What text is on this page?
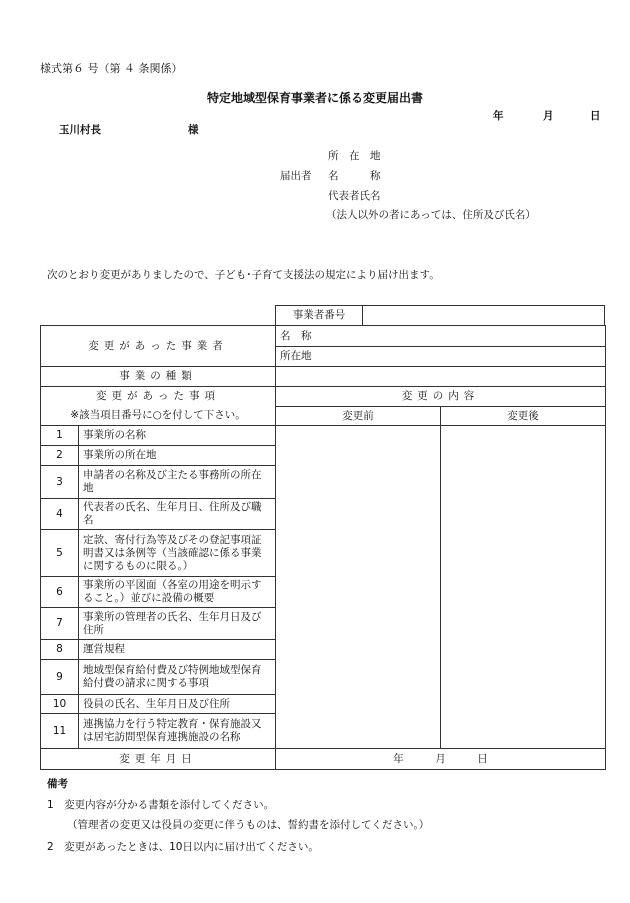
様式第６ 号（第 ４ 条関係）
特定地域型保育事業者に係る変更届出書
年	月	日
玉川村長	様
所　在　地
届出者 名　　　称
代表者氏名
（法人以外の者にあっては、住所及び氏名）
次のとおり変更がありましたので、子ども･子育て支援法の規定により届け出ます。
事業者番号
変更があった事業者		名　称	
		所在地	
事業の種類			
変更があった事項		変更の内容	
※該当項目番号に○を付して下さい。		変更前	変更後
1	事業所の名称		
2	事業所の所在地		
3	申請者の名称及び主たる事務所の所在地		
4	代表者の氏名、生年月日、住所及び職名		
5	定款、寄付行為等及びその登記事項証明書又は条例等（当該確認に係る事業に関するものに限る。）		
6	事業所の平図面（各室の用途を明示すること。）並びに設備の概要		
7	事業所の管理者の氏名、生年月日及び住所		
8	運営規程		
9	地域型保育給付費及び特例地域型保育給付費の請求に関する事項		
10	役員の氏名、生年月日及び住所		
11	連携協力を行う特定教育・保育施設又は居宅訪問型保育連携施設の名称		
変更年月日		年　　　月　　　日	
備考
1　変更内容が分かる書類を添付してください。
（管理者の変更又は役員の変更に伴うものは、誓約書を添付してください。）
2　変更があったときは、10日以内に届け出てください。
